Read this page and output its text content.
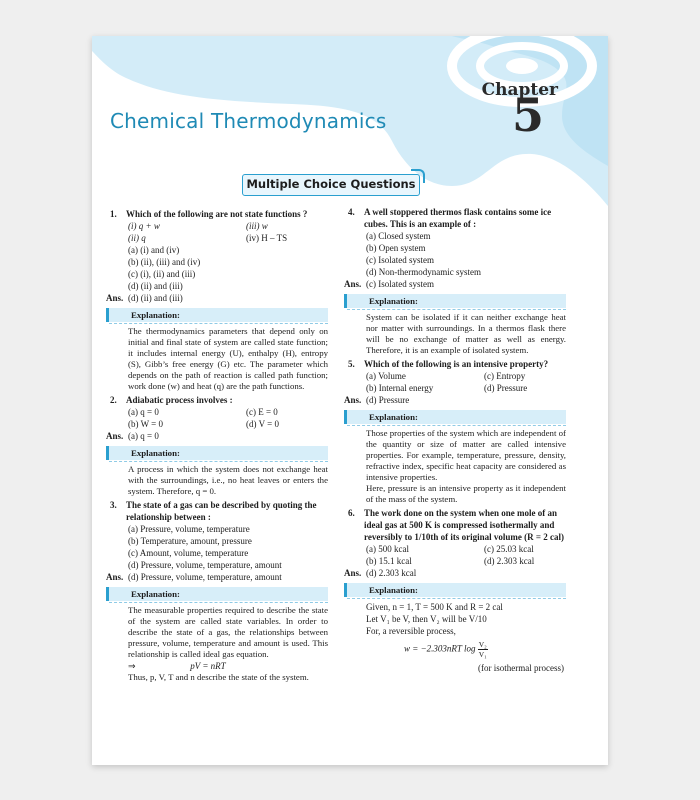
Chapter
5
Chemical Thermodynamics
Multiple Choice Questions
1. Which of the following are not state functions ?
(i) q + w	(iii) w
(ii) q	(iv) H – TS
(a) (i) and (iv)
(b) (ii), (iii) and (iv)
(c) (i), (ii) and (iii)
(d) (ii) and (iii)
Ans. (d) (ii) and (iii)
Explanation:
The thermodynamics parameters that depend only on initial and final state of system are called state function; it includes internal energy (U), enthalpy (H), entropy (S), Gibb’s free energy (G) etc. The parameter which depends on the path of reaction is called path function; work done (w) and heat (q) are the path functions.
2. Adiabatic process involves :
(a) q = 0	(c) E = 0
(b) W = 0	(d) V = 0
Ans. (a) q = 0
Explanation:
A process in which the system does not exchange heat with the surroundings, i.e., no heat leaves or enters the system. Therefore, q = 0.
3. The state of a gas can be described by quoting the relationship between :
(a) Pressure, volume, temperature
(b) Temperature, amount, pressure
(c) Amount, volume, temperature
(d) Pressure, volume, temperature, amount
Ans. (d) Pressure, volume, temperature, amount
Explanation:
The measurable properties required to describe the state of the system are called state variables. In order to describe the state of a gas, the relationships between pressure, volume, temperature and amount is used. This relationship is called ideal gas equation.
⇒	pV = nRT
Thus, p, V, T and n describe the state of the system.
4. A well stoppered thermos flask contains some ice cubes. This is an example of :
(a) Closed system
(b) Open system
(c) Isolated system
(d) Non-thermodynamic system
Ans. (c) Isolated system
Explanation:
System can be isolated if it can neither exchange heat nor matter with surroundings. In a thermos flask there will be no exchange of matter as well as energy. Therefore, it is an example of isolated system.
5. Which of the following is an intensive property?
(a) Volume	(c) Entropy
(b) Internal energy	(d) Pressure
Ans. (d) Pressure
Explanation:
Those properties of the system which are independent of the quantity or size of matter are called intensive properties. For example, temperature, pressure, density, refractive index, specific heat capacity are considered as intensive properties.
Here, pressure is an intensive property as it independent of the mass of the system.
6. The work done on the system when one mole of an ideal gas at 500 K is compressed isothermally and reversibly to 1/10th of its original volume (R = 2 cal)
(a) 500 kcal	(c) 25.03 kcal
(b) 15.1 kcal	(d) 2.303 kcal
Ans. (d) 2.303 kcal
Explanation:
Given, n = 1, T = 500 K and R = 2 cal
Let V₁ be V, then V₂ will be V/10
For, a reversible process,
w = −2.303nRT $\log \frac{\text{V₂}}{\text{V₁}}$
(for isothermal process)
